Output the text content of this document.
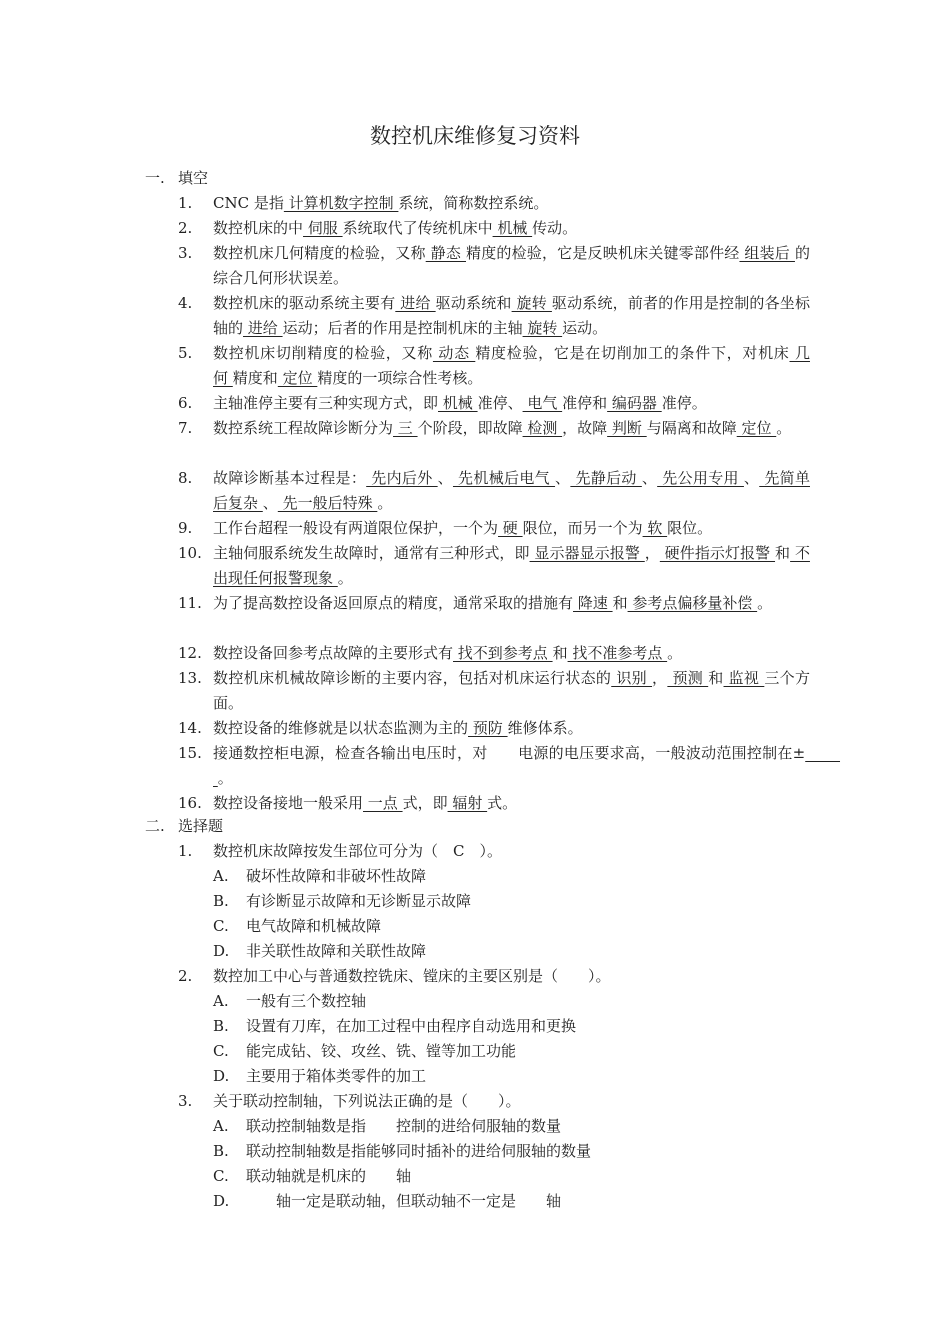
数控机床维修复习资料
一. 填空
1. CNC 是指 计算机数字控制 系统，简称数控系统。
2. 数控机床的中 伺服 系统取代了传统机床中 机械 传动。
3. 数控机床几何精度的检验，又称 静态 精度的检验，它是反映机床关键零部件经 组装后 的综合几何形状误差。
4. 数控机床的驱动系统主要有 进给 驱动系统和 旋转 驱动系统，前者的作用是控制的各坐标轴的 进给 运动；后者的作用是控制机床的主轴 旋转 运动。
5. 数控机床切削精度的检验，又称 动态 精度检验，它是在切削加工的条件下，对机床 几何 精度和 定位 精度的一项综合性考核。
6. 主轴准停主要有三种实现方式，即 机械 准停、 电气 准停和 编码器 准停。
7. 数控系统工程故障诊断分为 三 个阶段，即故障 检测 ，故障 判断 与隔离和故障 定位 。
8. 故障诊断基本过程是： 先内后外 、 先机械后电气 、 先静后动 、 先公用专用 、 先简单后复杂 、 先一般后特殊 。
9. 工作台超程一般设有两道限位保护，一个为 硬 限位，而另一个为 软 限位。
10. 主轴伺服系统发生故障时，通常有三种形式，即 显示器显示报警 ， 硬件指示灯报警 和 不出现任何报警现象 。
11. 为了提高数控设备返回原点的精度，通常采取的措施有 降速 和 参考点偏移量补偿 。
12. 数控设备回参考点故障的主要形式有 找不到参考点 和 找不准参考点 。
13. 数控机床机械故障诊断的主要内容，包括对机床运行状态的 识别 ， 预测 和 监视 三个方面。
14. 数控设备的维修就是以状态监测为主的 预防 维修体系。
15. 接通数控柜电源，检查各输出电压时，对　　电源的电压要求高，一般波动范围控制在± 　　 。
16. 数控设备接地一般采用 一点 式，即 辐射 式。
二. 选择题
1. 数控机床故障按发生部位可分为（　C　）。
A. 破坏性故障和非破坏性故障
B. 有诊断显示故障和无诊断显示故障
C. 电气故障和机械故障
D. 非关联性故障和关联性故障
2. 数控加工中心与普通数控铣床、镗床的主要区别是（　　）。
A. 一般有三个数控轴
B. 设置有刀库，在加工过程中由程序自动选用和更换
C. 能完成钻、铰、攻丝、铣、镗等加工功能
D. 主要用于箱体类零件的加工
3. 关于联动控制轴，下列说法正确的是（　　）。
A. 联动控制轴数是指　　控制的进给伺服轴的数量
B. 联动控制轴数是指能够同时插补的进给伺服轴的数量
C. 联动轴就是机床的　　轴
D.　　轴一定是联动轴，但联动轴不一定是　　轴
